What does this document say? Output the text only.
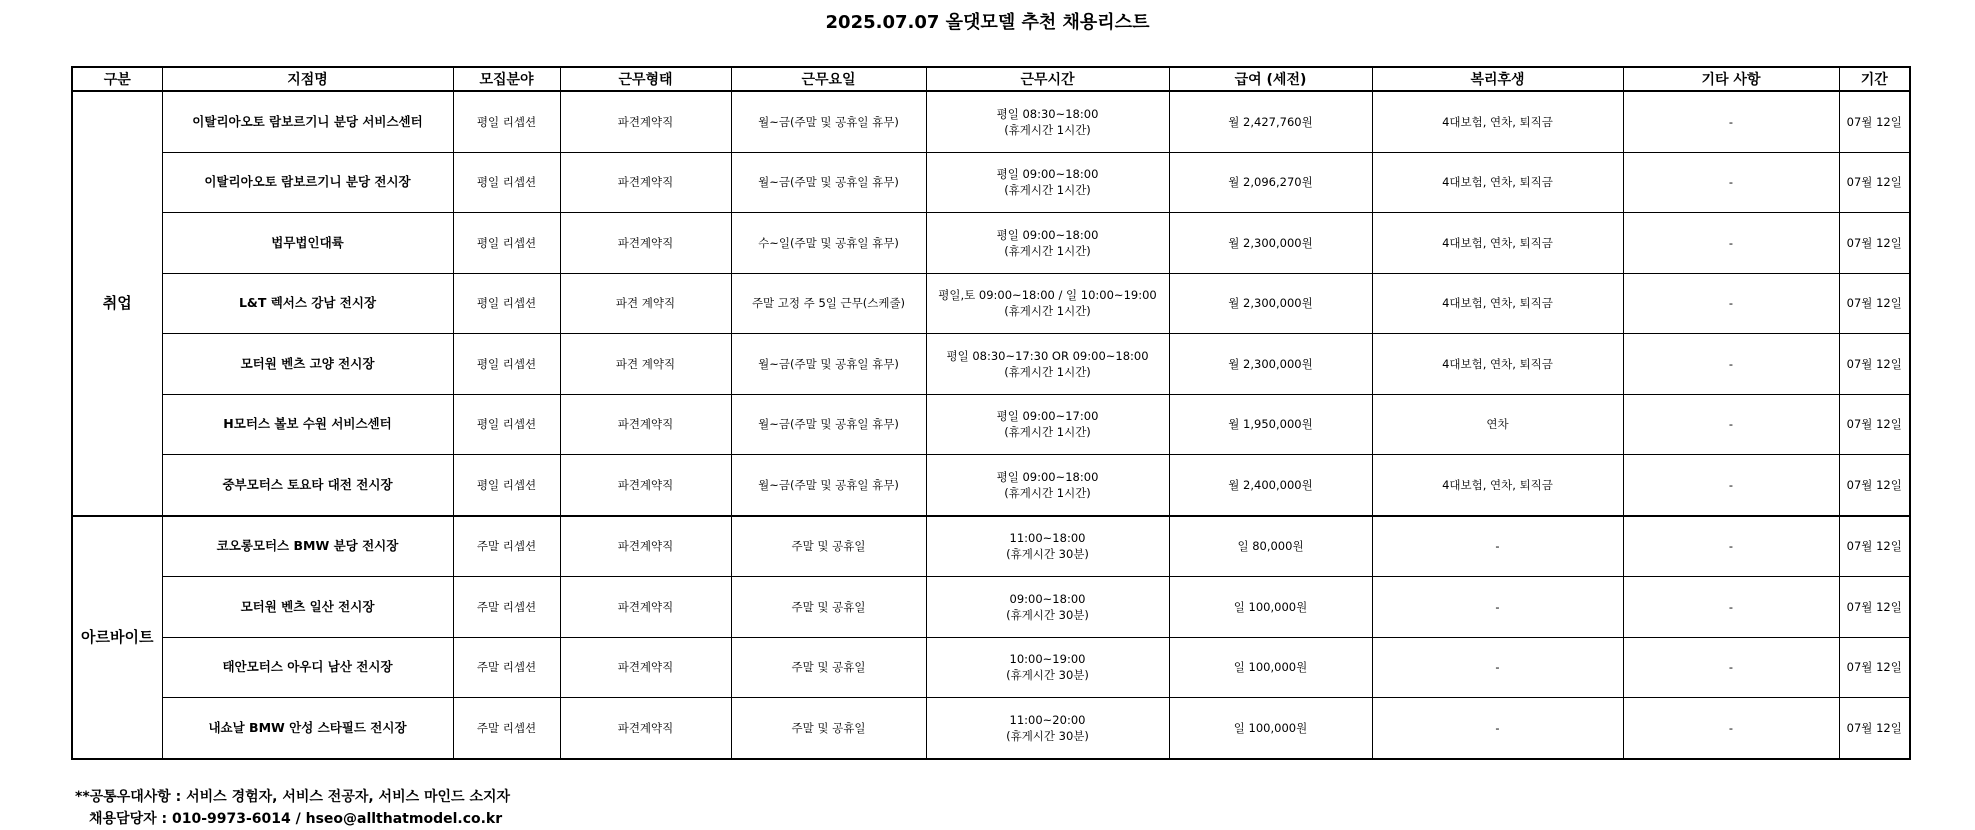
2025.07.07 올댓모델 추천 채용리스트
구분	지점명	모집분야	근무형태	근무요일	근무시간	급여 (세전)	복리후생	기타 사항	기간
취업	이탈리아오토 람보르기니 분당 서비스센터	평일 리셉션	파견계약직	월~금(주말 및 공휴일 휴무)	평일 08:30~18:00
(휴게시간 1시간)	월 2,427,760원	4대보험, 연차, 퇴직금	-	07월 12일
	이탈리아오토 람보르기니 분당 전시장	평일 리셉션	파견계약직	월~금(주말 및 공휴일 휴무)	평일 09:00~18:00
(휴게시간 1시간)	월 2,096,270원	4대보험, 연차, 퇴직금	-	07월 12일
	법무법인대륙	평일 리셉션	파견계약직	수~일(주말 및 공휴일 휴무)	평일 09:00~18:00
(휴게시간 1시간)	월 2,300,000원	4대보험, 연차, 퇴직금	-	07월 12일
	L&T 렉서스 강남 전시장	평일 리셉션	파견 계약직	주말 고정 주 5일 근무(스케줄)	평일,토 09:00~18:00 / 일 10:00~19:00
(휴게시간 1시간)	월 2,300,000원	4대보험, 연차, 퇴직금	-	07월 12일
	모터원 벤츠 고양 전시장	평일 리셉션	파견 계약직	월~금(주말 및 공휴일 휴무)	평일 08:30~17:30 OR 09:00~18:00
(휴게시간 1시간)	월 2,300,000원	4대보험, 연차, 퇴직금	-	07월 12일
	H모터스 볼보 수원 서비스센터	평일 리셉션	파견계약직	월~금(주말 및 공휴일 휴무)	평일 09:00~17:00
(휴게시간 1시간)	월 1,950,000원	연차	-	07월 12일
	중부모터스 토요타 대전 전시장	평일 리셉션	파견계약직	월~금(주말 및 공휴일 휴무)	평일 09:00~18:00
(휴게시간 1시간)	월 2,400,000원	4대보험, 연차, 퇴직금	-	07월 12일
아르바이트	코오롱모터스 BMW 분당 전시장	주말 리셉션	파견계약직	주말 및 공휴일	11:00~18:00
(휴게시간 30분)	일 80,000원	-	-	07월 12일
	모터원 벤츠 일산 전시장	주말 리셉션	파견계약직	주말 및 공휴일	09:00~18:00
(휴게시간 30분)	일 100,000원	-	-	07월 12일
	태안모터스 아우디 남산 전시장	주말 리셉션	파견계약직	주말 및 공휴일	10:00~19:00
(휴게시간 30분)	일 100,000원	-	-	07월 12일
	내쇼날 BMW 안성 스타필드 전시장	주말 리셉션	파견계약직	주말 및 공휴일	11:00~20:00
(휴게시간 30분)	일 100,000원	-	-	07월 12일
**공통우대사항 : 서비스 경험자, 서비스 전공자, 서비스 마인드 소지자
채용담당자 : 010-9973-6014 / hseo@allthatmodel.co.kr
